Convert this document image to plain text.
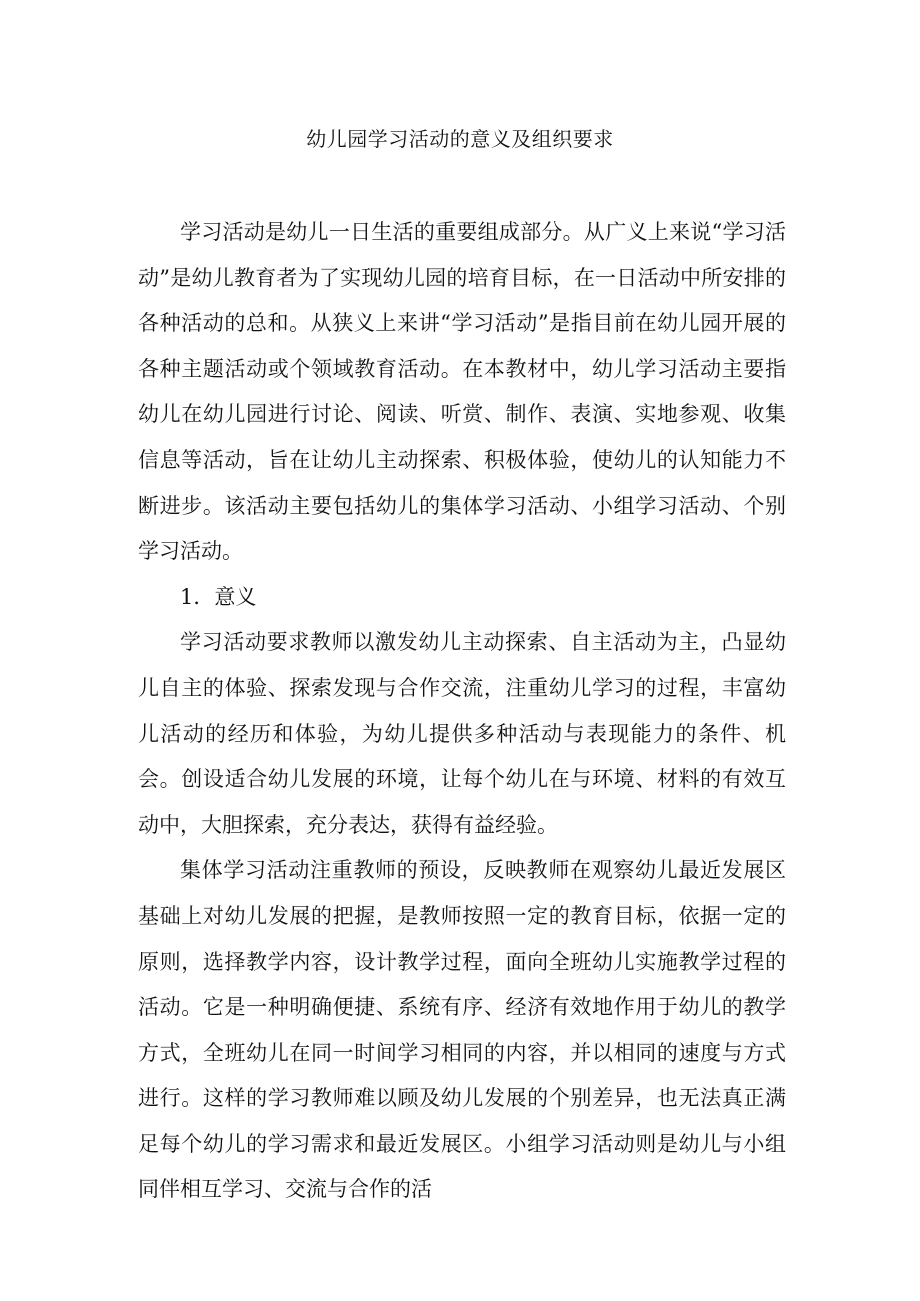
幼儿园学习活动的意义及组织要求

学习活动是幼儿一日生活的重要组成部分。从广义上来说“学习活动”是幼儿教育者为了实现幼儿园的培育目标，在一日活动中所安排的各种活动的总和。从狭义上来讲“学习活动”是指目前在幼儿园开展的各种主题活动或个领域教育活动。在本教材中，幼儿学习活动主要指幼儿在幼儿园进行讨论、阅读、听赏、制作、表演、实地参观、收集信息等活动，旨在让幼儿主动探索、积极体验，使幼儿的认知能力不断进步。该活动主要包括幼儿的集体学习活动、小组学习活动、个别学习活动。

1．意义

学习活动要求教师以激发幼儿主动探索、自主活动为主，凸显幼儿自主的体验、探索发现与合作交流，注重幼儿学习的过程，丰富幼儿活动的经历和体验，为幼儿提供多种活动与表现能力的条件、机会。创设适合幼儿发展的环境，让每个幼儿在与环境、材料的有效互动中，大胆探索，充分表达，获得有益经验。

集体学习活动注重教师的预设，反映教师在观察幼儿最近发展区基础上对幼儿发展的把握，是教师按照一定的教育目标，依据一定的原则，选择教学内容，设计教学过程，面向全班幼儿实施教学过程的活动。它是一种明确便捷、系统有序、经济有效地作用于幼儿的教学方式，全班幼儿在同一时间学习相同的内容，并以相同的速度与方式进行。这样的学习教师难以顾及幼儿发展的个别差异，也无法真正满足每个幼儿的学习需求和最近发展区。小组学习活动则是幼儿与小组同伴相互学习、交流与合作的活
